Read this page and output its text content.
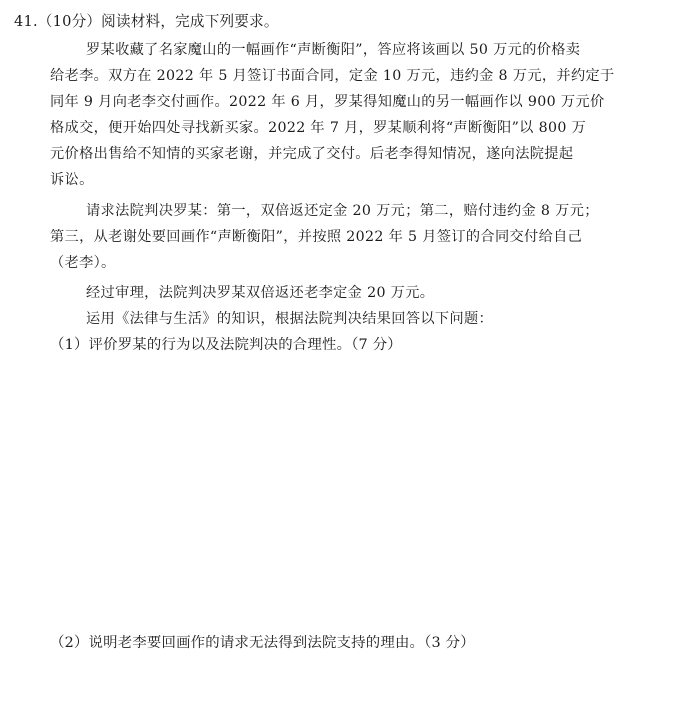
41.（10分）阅读材料，完成下列要求。
罗某收藏了名家魔山的一幅画作“声断衡阳”，答应将该画以 50 万元的价格卖
给老李。双方在 2022 年 5 月签订书面合同，定金 10 万元，违约金 8 万元，并约定于
同年 9 月向老李交付画作。2022 年 6 月，罗某得知魔山的另一幅画作以 900 万元价
格成交，便开始四处寻找新买家。2022 年 7 月，罗某顺利将“声断衡阳”以 800 万
元价格出售给不知情的买家老谢，并完成了交付。后老李得知情况，遂向法院提起
诉讼。
请求法院判决罗某：第一，双倍返还定金 20 万元；第二，赔付违约金 8 万元；
第三，从老谢处要回画作“声断衡阳”，并按照 2022 年 5 月签订的合同交付给自己
（老李）。
经过审理，法院判决罗某双倍返还老李定金 20 万元。
运用《法律与生活》的知识，根据法院判决结果回答以下问题：
（1）评价罗某的行为以及法院判决的合理性。（7 分）
（2）说明老李要回画作的请求无法得到法院支持的理由。（3 分）
